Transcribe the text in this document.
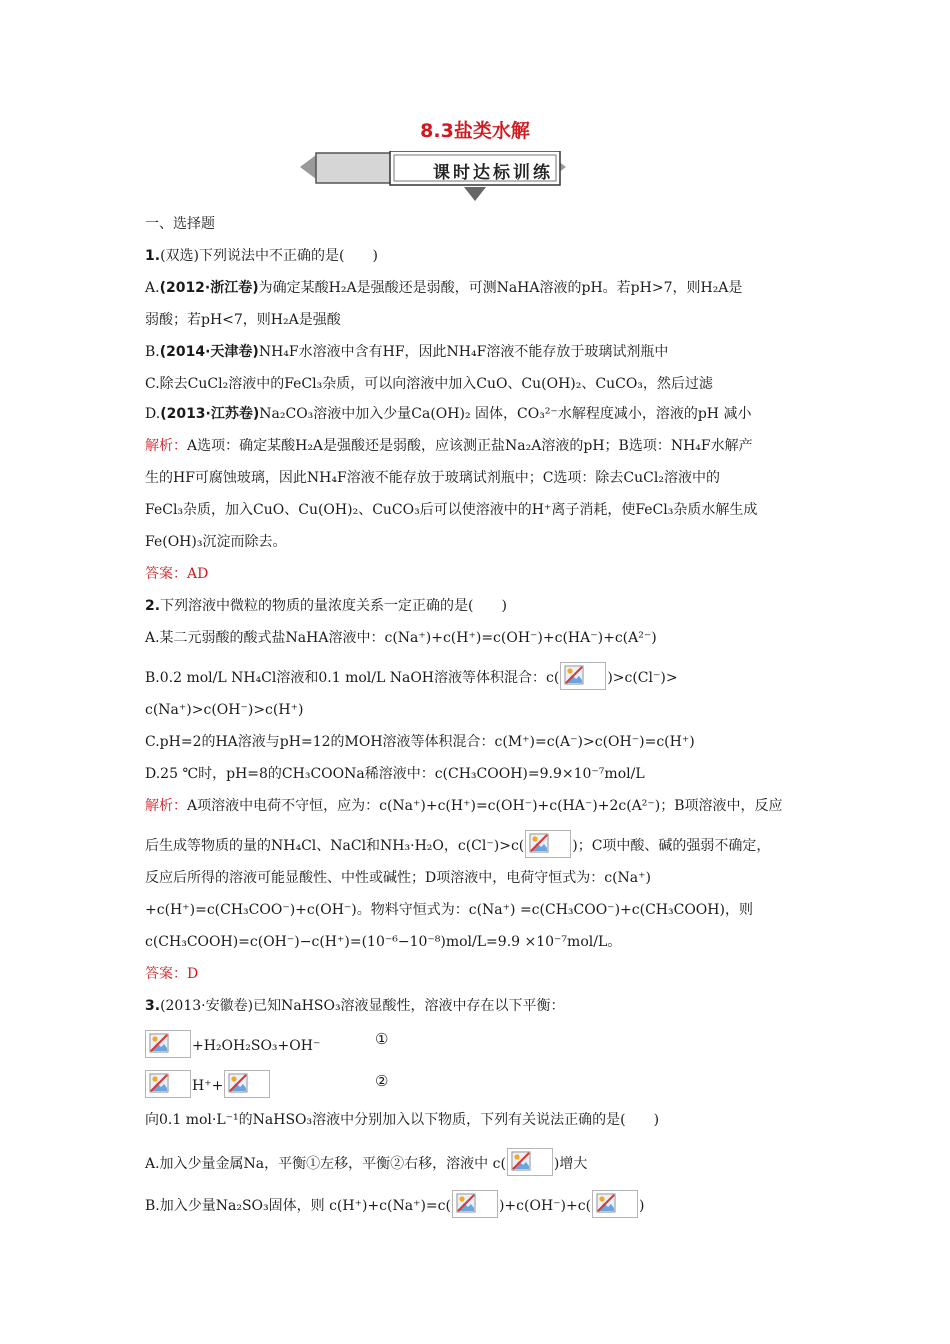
8.3盐类水解
课时达标训练
一、选择题
1.(双选)下列说法中不正确的是(　　)
A.(2012·浙江卷)为确定某酸H₂A是强酸还是弱酸，可测NaHA溶液的pH。若pH>7，则H₂A是
弱酸；若pH<7，则H₂A是强酸
B.(2014·天津卷)NH₄F水溶液中含有HF，因此NH₄F溶液不能存放于玻璃试剂瓶中
C.除去CuCl₂溶液中的FeCl₃杂质，可以向溶液中加入CuO、Cu(OH)₂、CuCO₃，然后过滤
D.(2013·江苏卷)Na₂CO₃溶液中加入少量Ca(OH)₂ 固体，CO₃²⁻水解程度减小，溶液的pH 减小
解析：A选项：确定某酸H₂A是强酸还是弱酸，应该测正盐Na₂A溶液的pH；B选项：NH₄F水解产
生的HF可腐蚀玻璃，因此NH₄F溶液不能存放于玻璃试剂瓶中；C选项：除去CuCl₂溶液中的
FeCl₃杂质，加入CuO、Cu(OH)₂、CuCO₃后可以使溶液中的H⁺离子消耗，使FeCl₃杂质水解生成
Fe(OH)₃沉淀而除去。
答案：AD
2.下列溶液中微粒的物质的量浓度关系一定正确的是(　　)
A.某二元弱酸的酸式盐NaHA溶液中：c(Na⁺)+c(H⁺)=c(OH⁻)+c(HA⁻)+c(A²⁻)
B.0.2 mol/L NH₄Cl溶液和0.1 mol/L NaOH溶液等体积混合：c(	)>c(Cl⁻)>
c(Na⁺)>c(OH⁻)>c(H⁺)
C.pH=2的HA溶液与pH=12的MOH溶液等体积混合：c(M⁺)=c(A⁻)>c(OH⁻)=c(H⁺)
D.25 ℃时，pH=8的CH₃COONa稀溶液中：c(CH₃COOH)=9.9×10⁻⁷mol/L
解析：A项溶液中电荷不守恒，应为：c(Na⁺)+c(H⁺)=c(OH⁻)+c(HA⁻)+2c(A²⁻)；B项溶液中，反应
后生成等物质的量的NH₄Cl、NaCl和NH₃·H₂O，c(Cl⁻)>c(	)；C项中酸、碱的强弱不确定，
反应后所得的溶液可能显酸性、中性或碱性；D项溶液中，电荷守恒式为：c(Na⁺)
+c(H⁺)=c(CH₃COO⁻)+c(OH⁻)。物料守恒式为：c(Na⁺) =c(CH₃COO⁻)+c(CH₃COOH)，则
c(CH₃COOH)=c(OH⁻)−c(H⁺)=(10⁻⁶−10⁻⁸)mol/L=9.9 ×10⁻⁷mol/L。
答案：D
3.(2013·安徽卷)已知NaHSO₃溶液显酸性，溶液中存在以下平衡：
+H₂OH₂SO₃+OH⁻	①
H⁺+	②
向0.1 mol·L⁻¹的NaHSO₃溶液中分别加入以下物质，下列有关说法正确的是(　　)
A.加入少量金属Na，平衡①左移，平衡②右移，溶液中 c(	)增大
B.加入少量Na₂SO₃固体，则 c(H⁺)+c(Na⁺)=c(	)+c(OH⁻)+c(	)
